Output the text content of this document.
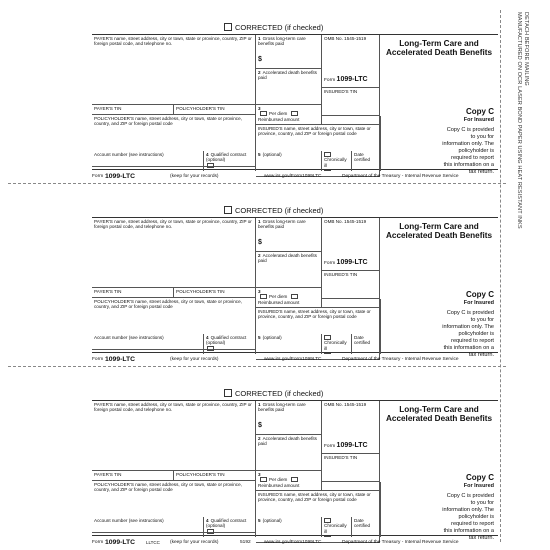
DETACH BEFORE MAILING
MANUFACTURED ON OCR LASER BOND PAPER USING HEAT RESISTANT INKS
CORRECTED (if checked)
PAYER'S name, street address, city or town, state or province, country, ZIP or foreign postal code, and telephone no.
1 Gross long-term care benefits paid
$
OMB No. 1545-1519
Form 1099-LTC
2 Accelerated death benefits paid
Long-Term Care and Accelerated Death Benefits
PAYER'S TIN	POLICYHOLDER'S TIN	3
Per diem Reimbursed amount
INSURED'S TIN
POLICYHOLDER'S name, street address, city or town, state or province, country, and ZIP or foreign postal code
INSURED'S name, street address, city or town, state or province, country, and ZIP or foreign postal code
Account number (see instructions)	4 Qualified contract (optional)
5 (optional)
Chronically ill
Date certified
Copy C
For Insured
Copy C is provided to you for information only. The policyholder is required to report this information on a tax return.
Form 1099-LTC	(keep for your records)	www.irs.gov/Form1099LTC	Department of the Treasury - Internal Revenue Service
CORRECTED (if checked)
PAYER'S name, street address, city or town, state or province, country, ZIP or foreign postal code, and telephone no.
1 Gross long-term care benefits paid
$
OMB No. 1545-1519
Form 1099-LTC
2 Accelerated death benefits paid
Long-Term Care and Accelerated Death Benefits
PAYER'S TIN	POLICYHOLDER'S TIN	3
Per diem Reimbursed amount
INSURED'S TIN
POLICYHOLDER'S name, street address, city or town, state or province, country, and ZIP or foreign postal code
INSURED'S name, street address, city or town, state or province, country, and ZIP or foreign postal code
Account number (see instructions)	4 Qualified contract (optional)
5 (optional)
Chronically ill
Date certified
Copy C
For Insured
Copy C is provided to you for information only. The policyholder is required to report this information on a tax return.
Form 1099-LTC	(keep for your records)	www.irs.gov/Form1099LTC	Department of the Treasury - Internal Revenue Service
CORRECTED (if checked)
PAYER'S name, street address, city or town, state or province, country, ZIP or foreign postal code, and telephone no.
1 Gross long-term care benefits paid
$
OMB No. 1545-1519
Form 1099-LTC
2 Accelerated death benefits paid
Long-Term Care and Accelerated Death Benefits
PAYER'S TIN	POLICYHOLDER'S TIN	3
Per diem Reimbursed amount
INSURED'S TIN
POLICYHOLDER'S name, street address, city or town, state or province, country, and ZIP or foreign postal code
INSURED'S name, street address, city or town, state or province, country, and ZIP or foreign postal code
Account number (see instructions)	4 Qualified contract (optional)
5 (optional)
Chronically ill
Date certified
Copy C
For Insured
Copy C is provided to you for information only. The policyholder is required to report this information on a tax return.
Form 1099-LTC LLTCC (keep for your records)	5192	www.irs.gov/Form1099LTC	Department of the Treasury - Internal Revenue Service
